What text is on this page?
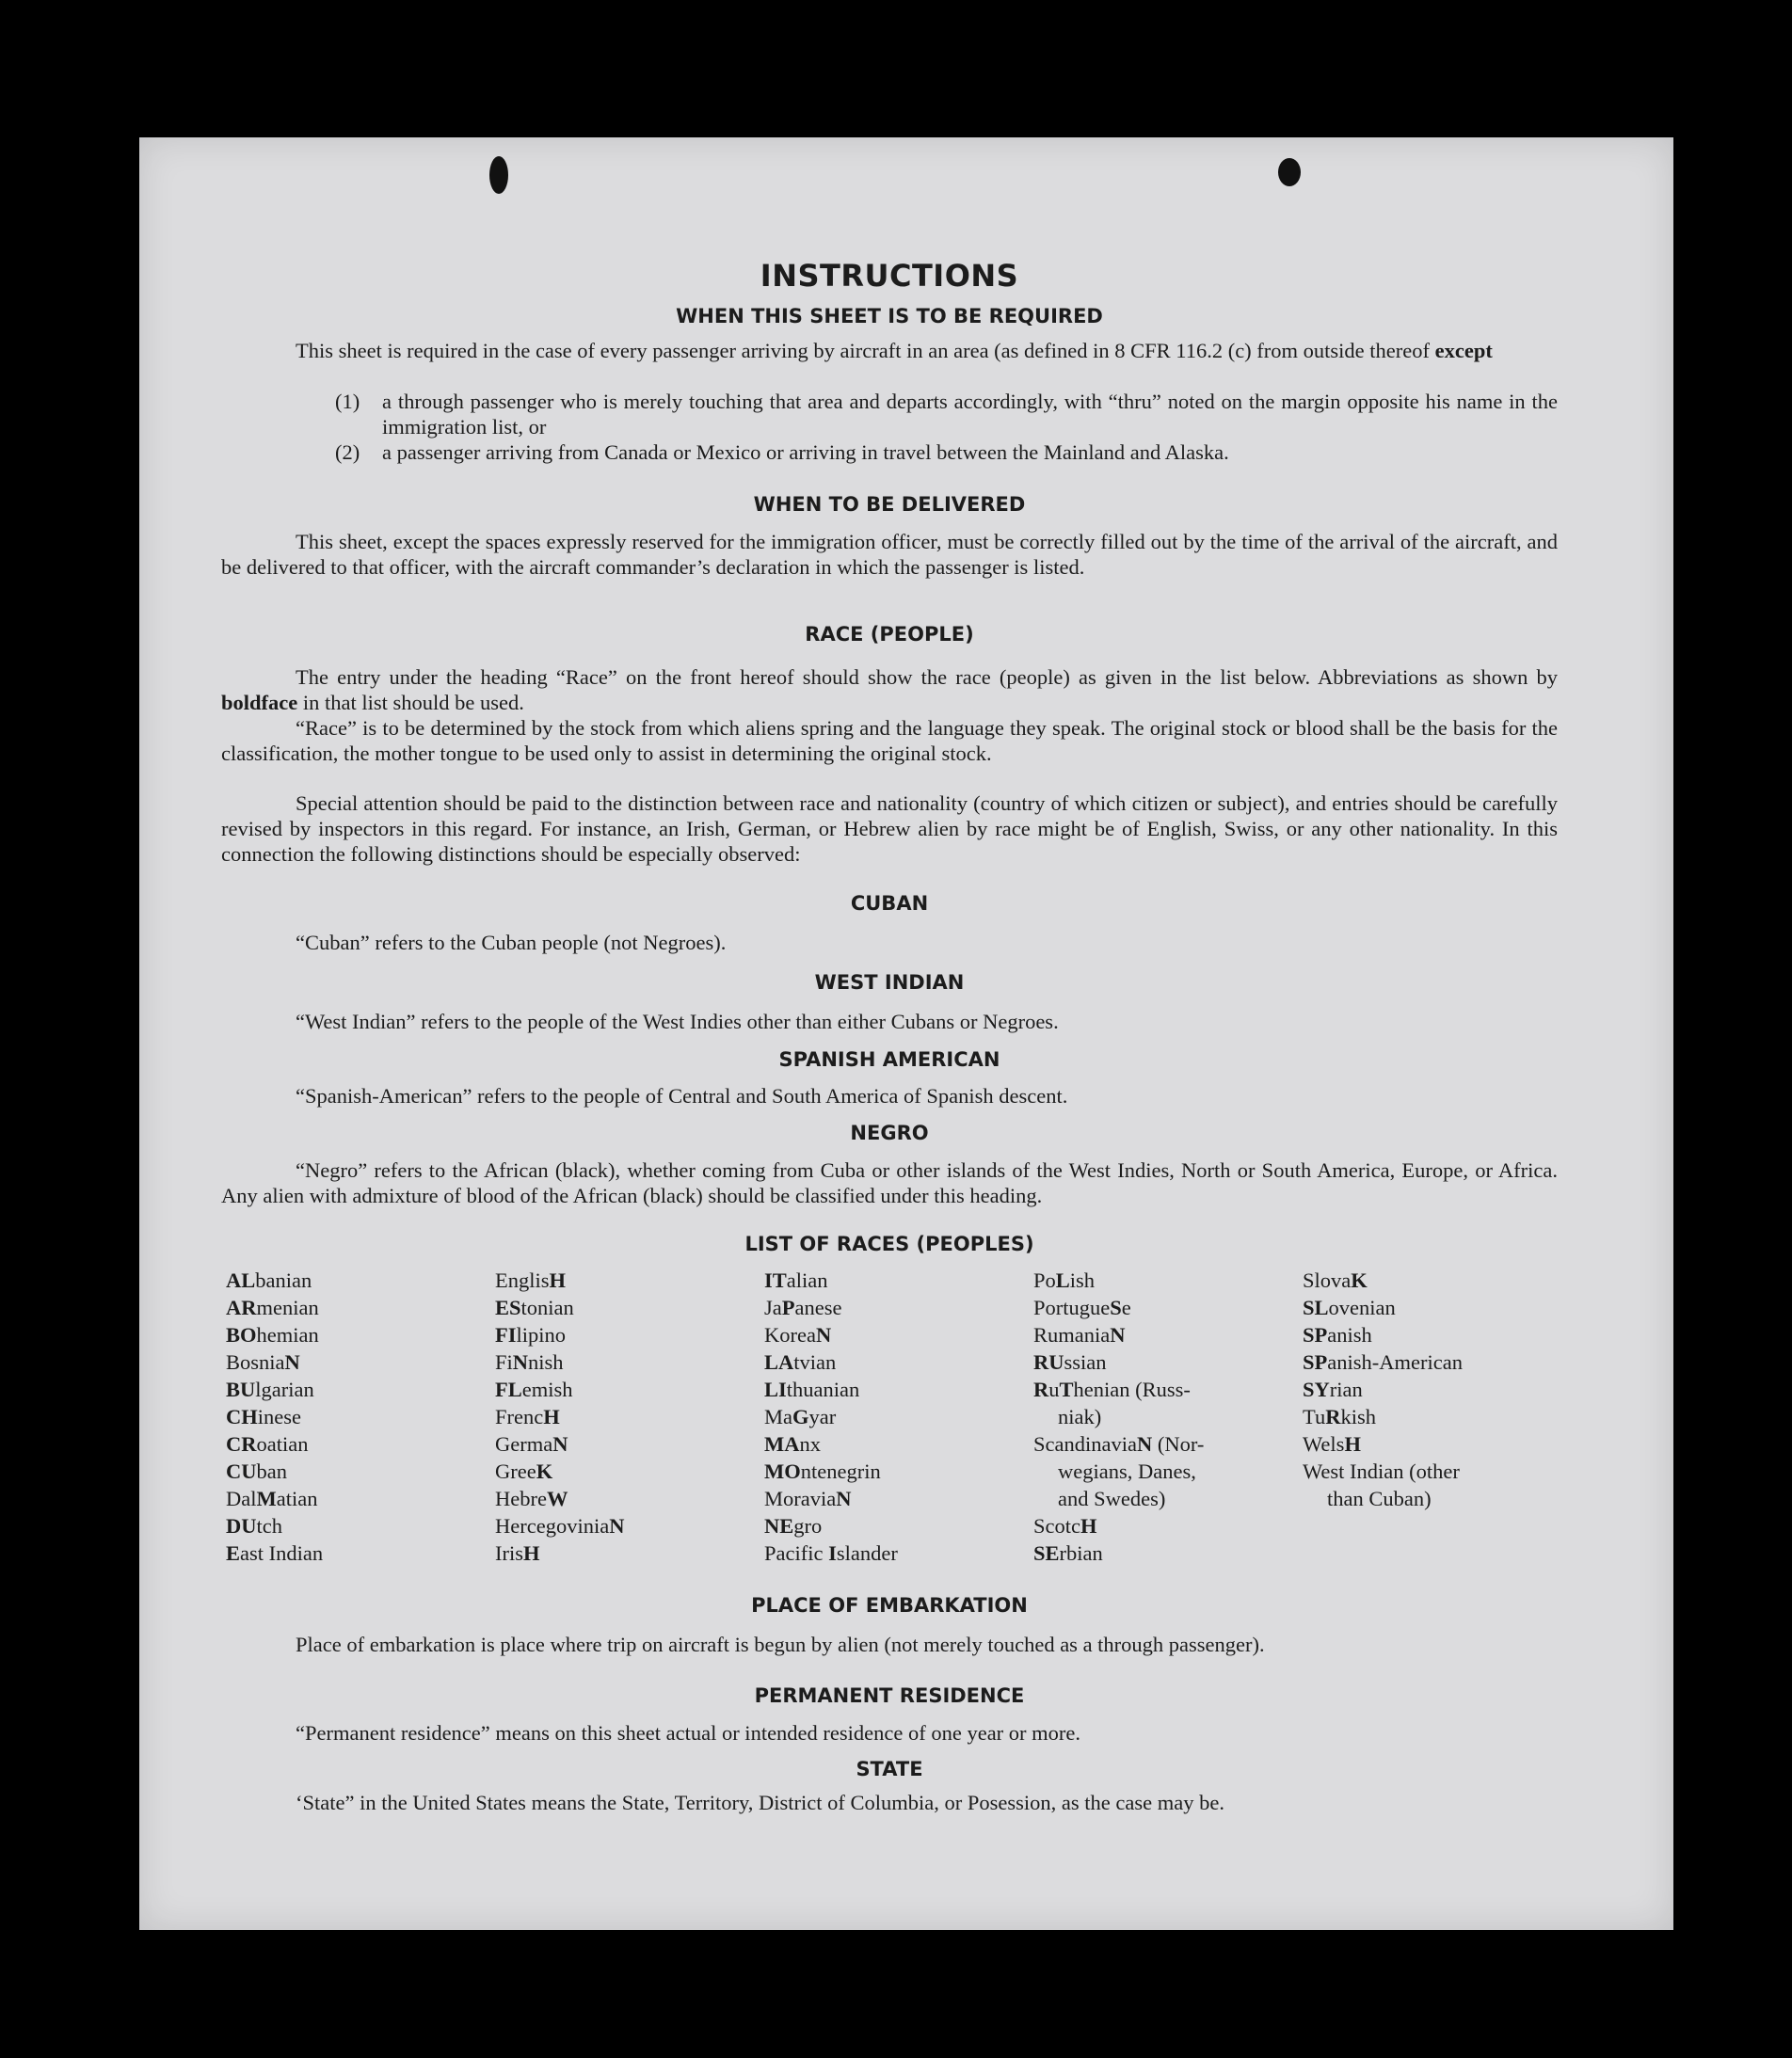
INSTRUCTIONS
WHEN THIS SHEET IS TO BE REQUIRED

This sheet is required in the case of every passenger arriving by aircraft in an area (as defined in 8 CFR 116.2 (c) from outside thereof except

(1)	a through passenger who is merely touching that area and departs accordingly, with “thru” noted on the margin opposite his name in the immigration list, or
(2)	a passenger arriving from Canada or Mexico or arriving in travel between the Mainland and Alaska.
WHEN TO BE DELIVERED

This sheet, except the spaces expressly reserved for the immigration officer, must be correctly filled out by the time of the arrival of the aircraft, and be delivered to that officer, with the aircraft commander’s declaration in which the passenger is listed.

RACE (PEOPLE)

The entry under the heading “Race” on the front hereof should show the race (people) as given in the list below. Abbreviations as shown by boldface in that list should be used.

“Race” is to be determined by the stock from which aliens spring and the language they speak. The original stock or blood shall be the basis for the classification, the mother tongue to be used only to assist in determining the original stock.

Special attention should be paid to the distinction between race and nationality (country of which citizen or subject), and entries should be carefully revised by inspectors in this regard. For instance, an Irish, German, or Hebrew alien by race might be of English, Swiss, or any other nationality. In this connection the following distinctions should be especially observed:

CUBAN

“Cuban” refers to the Cuban people (not Negroes).

WEST INDIAN

“West Indian” refers to the people of the West Indies other than either Cubans or Negroes.

SPANISH AMERICAN

“Spanish-American” refers to the people of Central and South America of Spanish descent.

NEGRO

“Negro” refers to the African (black), whether coming from Cuba or other islands of the West Indies, North or South America, Europe, or Africa. Any alien with admixture of blood of the African (black) should be classified under this heading.

LIST OF RACES (PEOPLES)
ALbanian
ARmenian
BOhemian
BosniaN
BUlgarian
CHinese
CRoatian
CUban
DalMatian
DUtch
East Indian
EnglisH
EStonian
FIlipino
FiNnish
FLemish
FrencH
GermaN
GreeK
HebreW
HercegoviniaN
IrisH
ITalian
JaPanese
KoreaN
LAtvian
LIthuanian
MaGyar
MAnx
MOntenegrin
MoraviaN
NEgro
Pacific Islander
PoLish
PortugueSe
RumaniaN
RUssian
RuThenian (Russ-
niak)
ScandinaviaN (Nor-
wegians, Danes,
and Swedes)
ScotcH
SErbian
SlovaK
SLovenian
SPanish
SPanish-American
SYrian
TuRkish
WelsH
West Indian (other
than Cuban)
PLACE OF EMBARKATION

Place of embarkation is place where trip on aircraft is begun by alien (not merely touched as a through passenger).

PERMANENT RESIDENCE

“Permanent residence” means on this sheet actual or intended residence of one year or more.

STATE

‘State” in the United States means the State, Territory, District of Columbia, or Posession, as the case may be.
